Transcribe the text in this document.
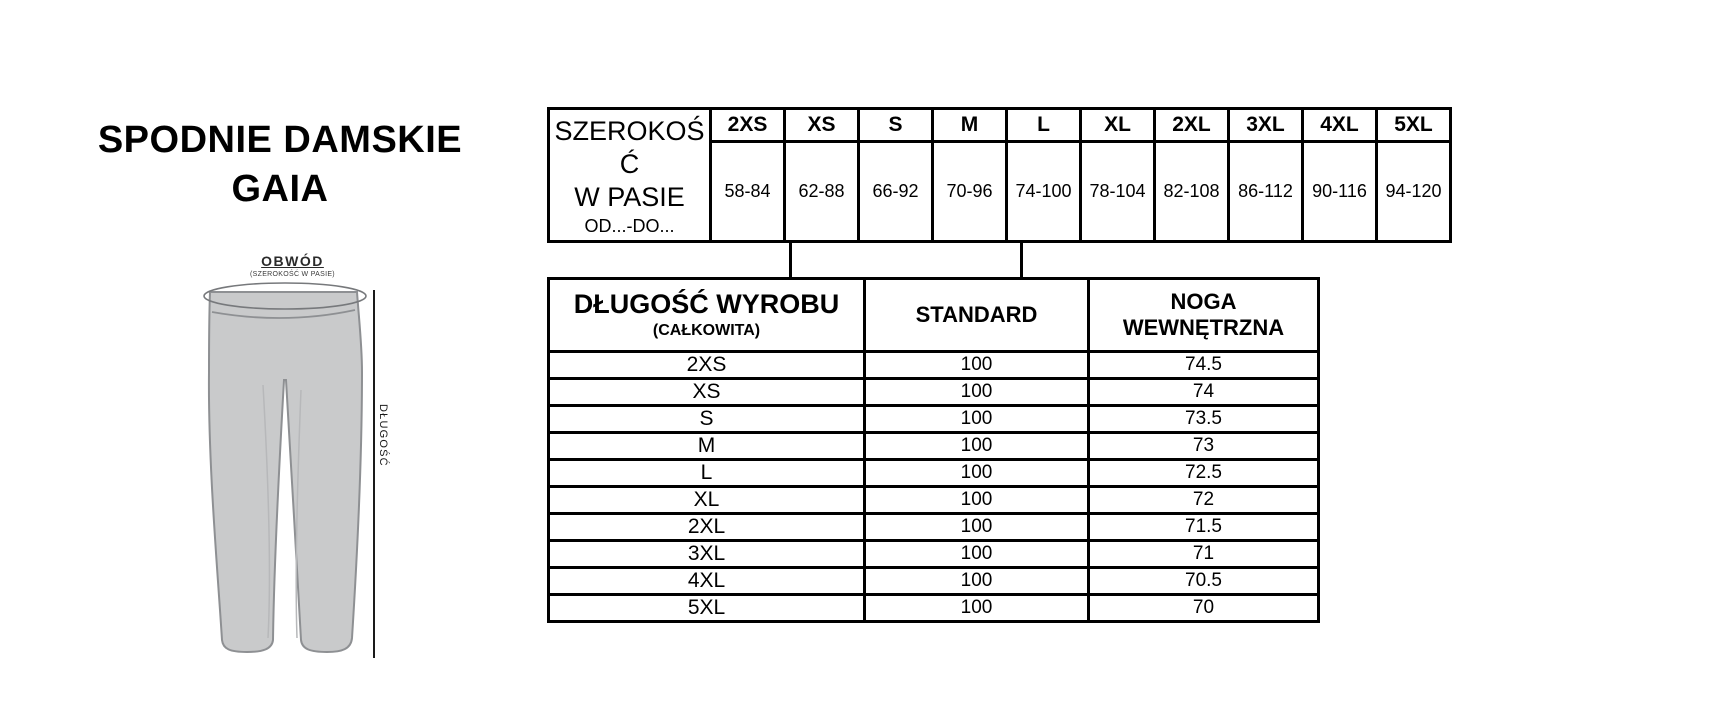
SPODNIE DAMSKIE
GAIA
OBWÓD
(SZEROKOŚĆ W PASIE)
DŁUGOŚĆ
SZEROKOŚĆ
W PASIE
OD...-DO...	2XS	XS	S	M	L	XL	2XL	3XL	4XL	5XL
	58-84	62-88	66-92	70-96	74-100	78-104	82-108	86-112	90-116	94-120
DŁUGOŚĆ WYROBU
(CAŁKOWITA)	STANDARD	NOGA WEWNĘTRZNA
2XS	100	74.5
XS	100	74
S	100	73.5
M	100	73
L	100	72.5
XL	100	72
2XL	100	71.5
3XL	100	71
4XL	100	70.5
5XL	100	70
